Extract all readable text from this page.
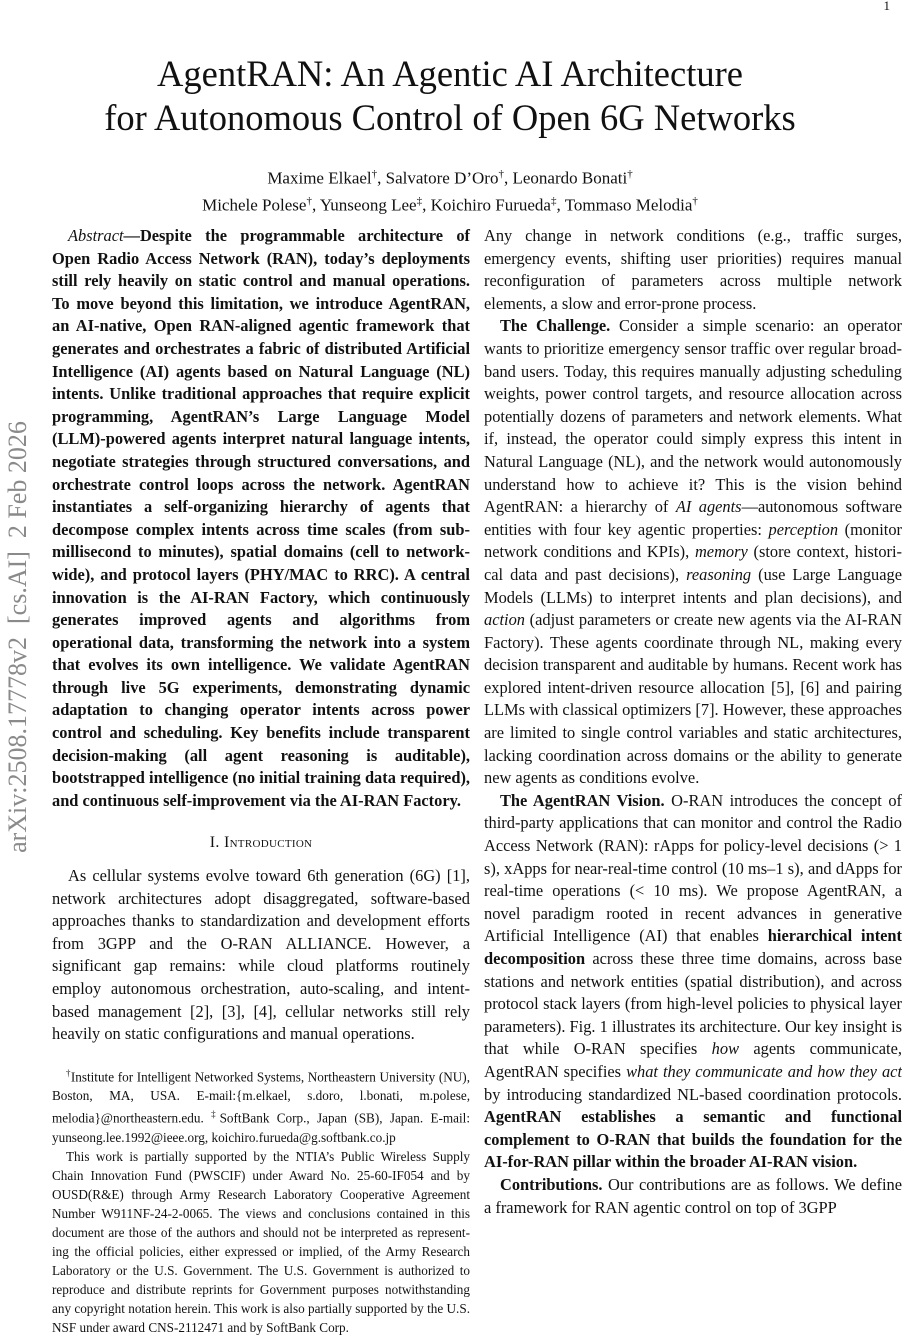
1
arXiv:2508.17778v2  [cs.AI]  2 Feb 2026
AgentRAN: An Agentic AI Architecture
for Autonomous Control of Open 6G Networks
Maxime Elkael†, Salvatore D’Oro†, Leonardo Bonati†
Michele Polese†, Yunseong Lee‡, Koichiro Furueda‡, Tommaso Melodia†

Abstract—Despite the programmable architecture of Open Radio Access Network (RAN), today’s deployments still rely heavily on static control and manual operations. To move beyond this limitation, we introduce AgentRAN, an AI-native, Open RAN-aligned agentic framework that generates and orchestrates a fabric of distributed Artificial Intelligence (AI) agents based on Natural Language (NL) intents. Unlike traditional approaches that require explicit programming, AgentRAN’s Large Language Model (LLM)-powered agents interpret natural language intents, negotiate strategies through structured conversations, and orchestrate control loops across the network. AgentRAN instantiates a self-organizing hierarchy of agents that decompose complex intents across time scales (from sub-millisecond to minutes), spatial domains (cell to network-wide), and protocol layers (PHY/MAC to RRC). A central innovation is the AI-RAN Factory, which continuously generates improved agents and algorithms from operational data, transforming the network into a system that evolves its own intelligence. We validate AgentRAN through live 5G experiments, demonstrating dynamic adaptation to changing operator intents across power control and scheduling. Key benefits include transparent decision-making (all agent reasoning is auditable), bootstrapped intelligence (no initial training data required), and continuous self-improvement via the AI-RAN Factory.

I. Introduction

As cellular systems evolve toward 6th generation (6G) [1], network architectures adopt disaggregated, software-based approaches thanks to standardization and development efforts from 3GPP and the O-RAN ALLIANCE. However, a significant gap remains: while cloud platforms routinely employ autonomous orchestration, auto-scaling, and intent-based management [2], [3], [4], cellular networks still rely heavily on static configurations and manual operations.

†Institute for Intelligent Networked Systems, Northeastern University (NU), Boston, MA, USA. E-mail:{m.elkael, s.doro, l.bonati, m.polese, melodia}@northeastern.edu. ‡SoftBank Corp., Japan (SB), Japan. E-mail: yunseong.lee.1992@ieee.org, koichiro.furueda@g.softbank.co.jp

This work is partially supported by the NTIA’s Public Wireless Supply Chain Innovation Fund (PWSCIF) under Award No. 25-60-IF054 and by OUSD(R&E) through Army Research Laboratory Cooperative Agreement Number W911NF-24-2-0065. The views and conclusions contained in this document are those of the authors and should not be interpreted as representing the official policies, either expressed or implied, of the Army Research Laboratory or the U.S. Government. The U.S. Government is authorized to reproduce and distribute reprints for Government purposes notwithstanding any copyright notation herein. This work is also partially supported by the U.S. NSF under award CNS-2112471 and by SoftBank Corp.

Any change in network conditions (e.g., traffic surges, emergency events, shifting user priorities) requires manual reconfiguration of parameters across multiple network elements, a slow and error-prone process.

The Challenge. Consider a simple scenario: an operator wants to prioritize emergency sensor traffic over regular broadband users. Today, this requires manually adjusting scheduling weights, power control targets, and resource allocation across potentially dozens of parameters and network elements. What if, instead, the operator could simply express this intent in Natural Language (NL), and the network would autonomously understand how to achieve it? This is the vision behind AgentRAN: a hierarchy of AI agents—autonomous software entities with four key agentic properties: perception (monitor network conditions and KPIs), memory (store context, historical data and past decisions), reasoning (use Large Language Models (LLMs) to interpret intents and plan decisions), and action (adjust parameters or create new agents via the AI-RAN Factory). These agents coordinate through NL, making every decision transparent and auditable by humans. Recent work has explored intent-driven resource allocation [5], [6] and pairing LLMs with classical optimizers [7]. However, these approaches are limited to single control variables and static architectures, lacking coordination across domains or the ability to generate new agents as conditions evolve.

The AgentRAN Vision. O-RAN introduces the concept of third-party applications that can monitor and control the Radio Access Network (RAN): rApps for policy-level decisions (> 1 s), xApps for near-real-time control (10 ms–1 s), and dApps for real-time operations (< 10 ms). We propose AgentRAN, a novel paradigm rooted in recent advances in generative Artificial Intelligence (AI) that enables hierarchical intent decomposition across these three time domains, across base stations and network entities (spatial distribution), and across protocol stack layers (from high-level policies to physical layer parameters). Fig. 1 illustrates its architecture. Our key insight is that while O-RAN specifies how agents communicate, AgentRAN specifies what they communicate and how they act by introducing standardized NL-based coordination protocols. AgentRAN establishes a semantic and functional complement to O-RAN that builds the foundation for the AI-for-RAN pillar within the broader AI-RAN vision.

Contributions. Our contributions are as follows. We define a framework for RAN agentic control on top of 3GPP
